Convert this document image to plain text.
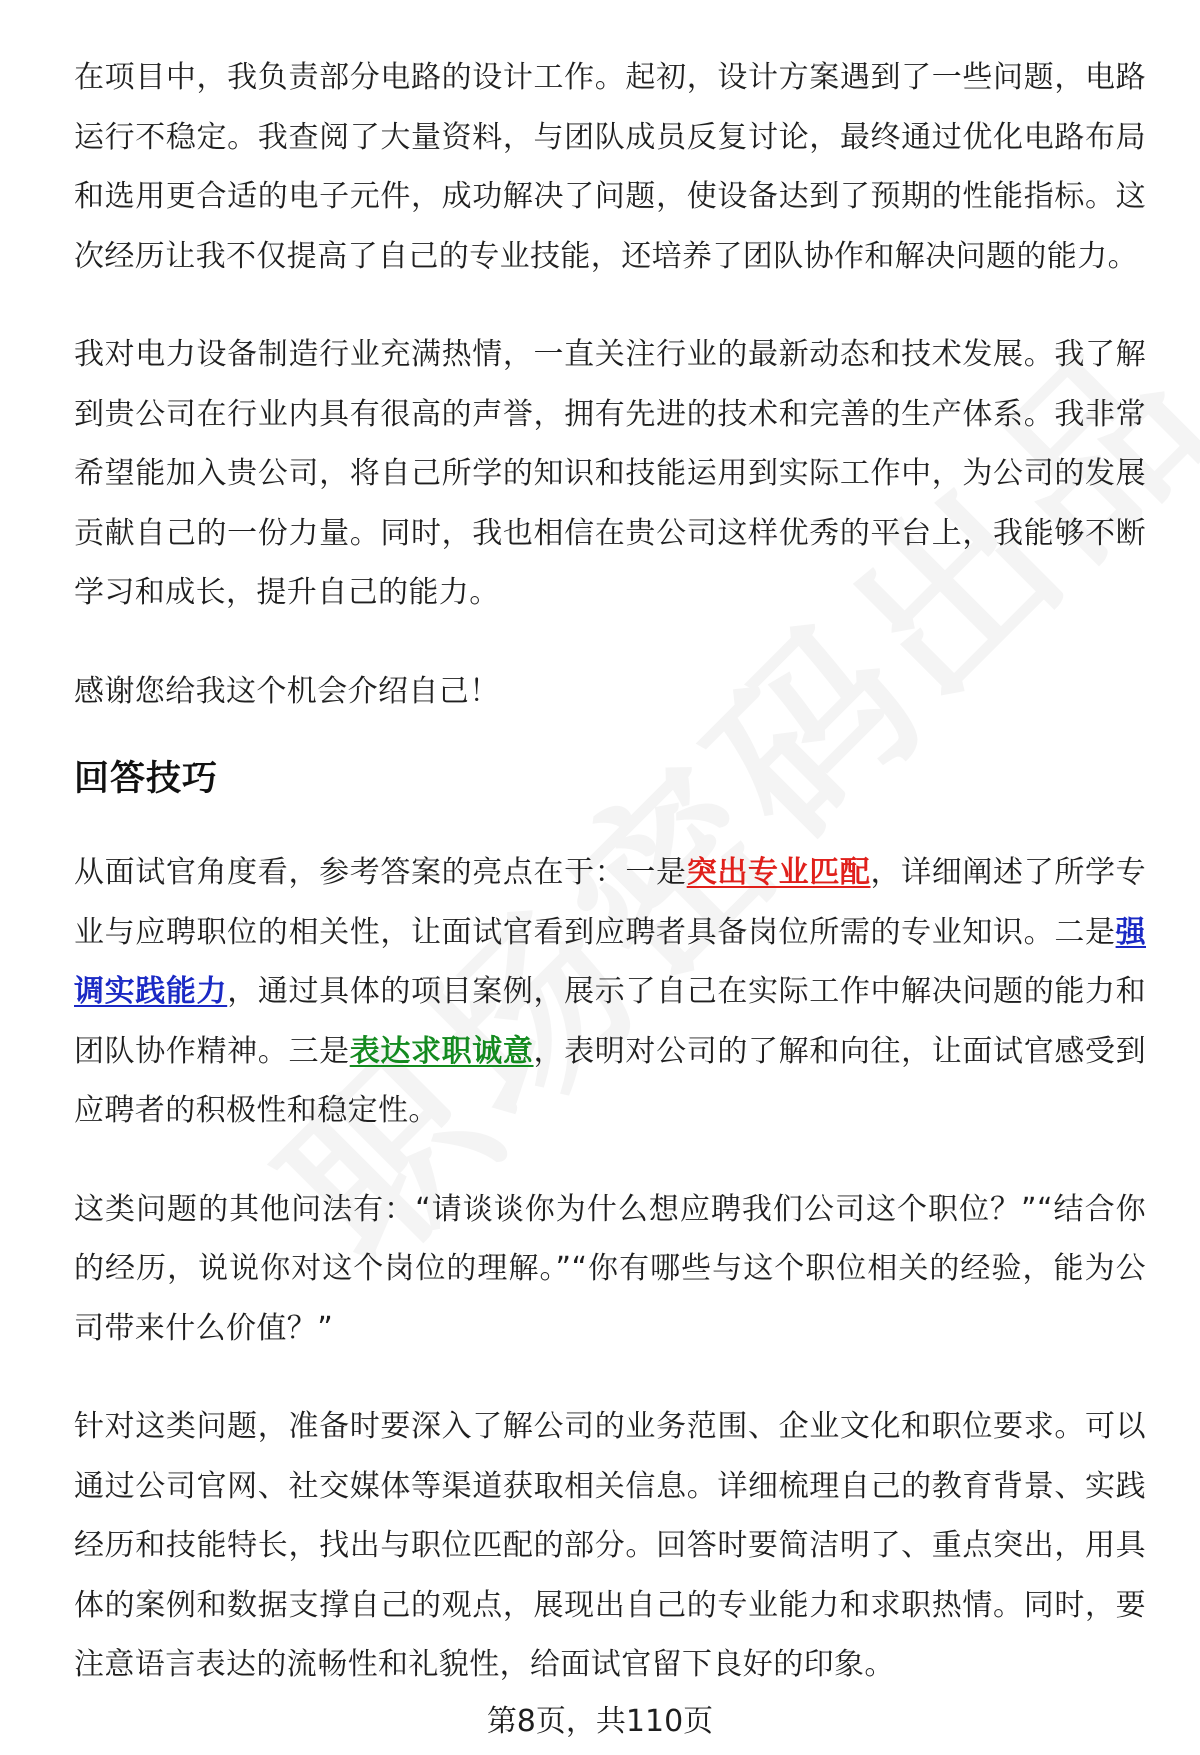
在项目中，我负责部分电路的设计工作。起初，设计方案遇到了一些问题，电路运行不稳定。我查阅了大量资料，与团队成员反复讨论，最终通过优化电路布局和选用更合适的电子元件，成功解决了问题，使设备达到了预期的性能指标。这次经历让我不仅提高了自己的专业技能，还培养了团队协作和解决问题的能力。

我对电力设备制造行业充满热情，一直关注行业的最新动态和技术发展。我了解到贵公司在行业内具有很高的声誉，拥有先进的技术和完善的生产体系。我非常希望能加入贵公司，将自己所学的知识和技能运用到实际工作中，为公司的发展贡献自己的一份力量。同时，我也相信在贵公司这样优秀的平台上，我能够不断学习和成长，提升自己的能力。

感谢您给我这个机会介绍自己！

回答技巧

从面试官角度看，参考答案的亮点在于：一是突出专业匹配，详细阐述了所学专业与应聘职位的相关性，让面试官看到应聘者具备岗位所需的专业知识。二是强调实践能力，通过具体的项目案例，展示了自己在实际工作中解决问题的能力和团队协作精神。三是表达求职诚意，表明对公司的了解和向往，让面试官感受到应聘者的积极性和稳定性。

这类问题的其他问法有：“请谈谈你为什么想应聘我们公司这个职位？”“结合你的经历，说说你对这个岗位的理解。”“你有哪些与这个职位相关的经验，能为公司带来什么价值？”

针对这类问题，准备时要深入了解公司的业务范围、企业文化和职位要求。可以通过公司官网、社交媒体等渠道获取相关信息。详细梳理自己的教育背景、实践经历和技能特长，找出与职位匹配的部分。回答时要简洁明了、重点突出，用具体的案例和数据支撑自己的观点，展现出自己的专业能力和求职热情。同时，要注意语言表达的流畅性和礼貌性，给面试官留下良好的印象。

第8页，共110页
